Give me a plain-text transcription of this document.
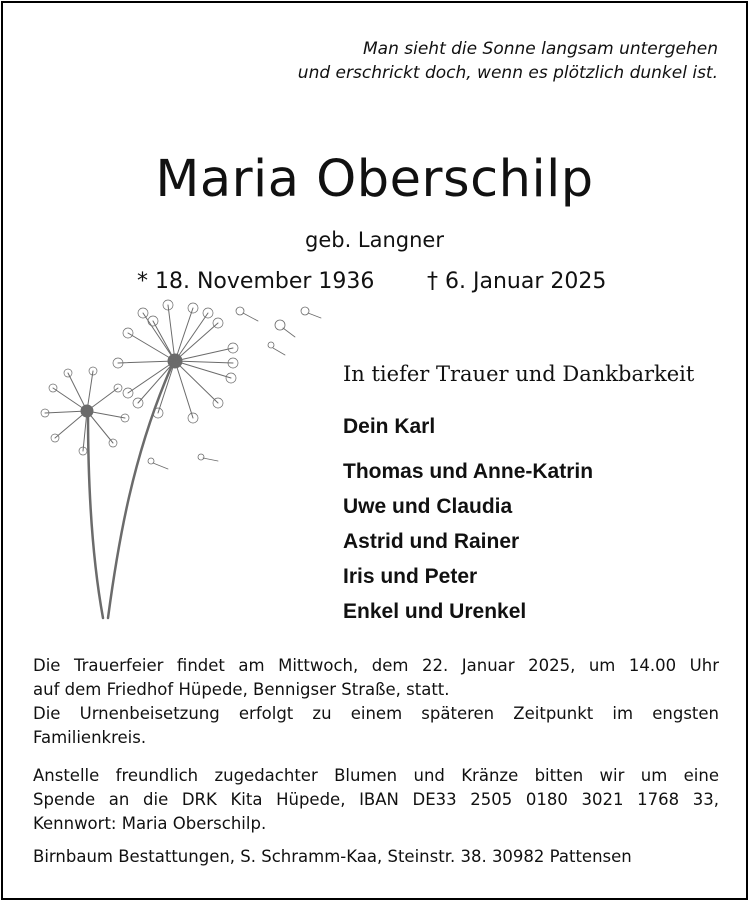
Man sieht die Sonne langsam untergehen
und erschrickt doch, wenn es plötzlich dunkel ist.
Maria Oberschilp
geb. Langner
* 18. November 1936 † 6. Januar 2025
In tiefer Trauer und Dankbarkeit
Dein Karl
Thomas und Anne-Katrin
Uwe und Claudia
Astrid und Rainer
Iris und Peter
Enkel und Urenkel
Die Trauerfeier findet am Mittwoch, dem 22. Januar 2025, um 14.00 Uhr
auf dem Friedhof Hüpede, Bennigser Straße, statt.
Die Urnenbeisetzung erfolgt zu einem späteren Zeitpunkt im engsten
Familienkreis.
Anstelle freundlich zugedachter Blumen und Kränze bitten wir um eine
Spende an die DRK Kita Hüpede, IBAN DE33 2505 0180 3021 1768 33,
Kennwort: Maria Oberschilp.
Birnbaum Bestattungen, S. Schramm-Kaa, Steinstr. 38. 30982 Pattensen
